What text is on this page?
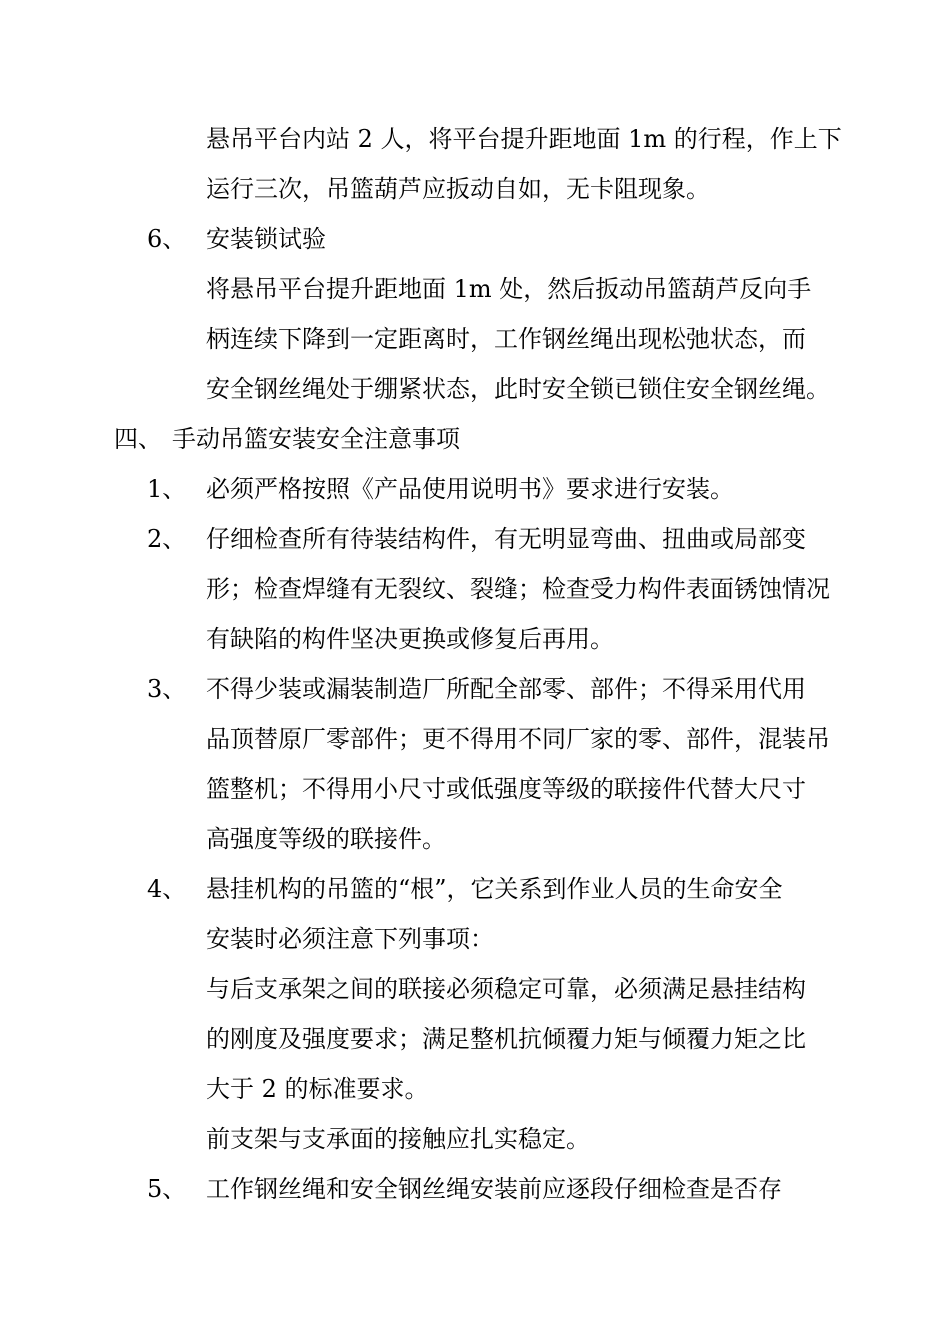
悬吊平台内站 2 人，将平台提升距地面 1m 的行程，作上下
运行三次，吊篮葫芦应扳动自如，无卡阻现象。
6、 安装锁试验
将悬吊平台提升距地面 1m 处，然后扳动吊篮葫芦反向手
柄连续下降到一定距离时，工作钢丝绳出现松弛状态，而
安全钢丝绳处于绷紧状态，此时安全锁已锁住安全钢丝绳。
四、 手动吊篮安装安全注意事项
1、 必须严格按照《产品使用说明书》要求进行安装。
2、 仔细检查所有待装结构件，有无明显弯曲、扭曲或局部变
形；检查焊缝有无裂纹、裂缝；检查受力构件表面锈蚀情况
有缺陷的构件坚决更换或修复后再用。
3、 不得少装或漏装制造厂所配全部零、部件；不得采用代用
品顶替原厂零部件；更不得用不同厂家的零、部件，混装吊
篮整机；不得用小尺寸或低强度等级的联接件代替大尺寸
高强度等级的联接件。
4、 悬挂机构的吊篮的“根”，它关系到作业人员的生命安全
安装时必须注意下列事项：
与后支承架之间的联接必须稳定可靠，必须满足悬挂结构
的刚度及强度要求；满足整机抗倾覆力矩与倾覆力矩之比
大于 2 的标准要求。
前支架与支承面的接触应扎实稳定。
5、 工作钢丝绳和安全钢丝绳安装前应逐段仔细检查是否存
